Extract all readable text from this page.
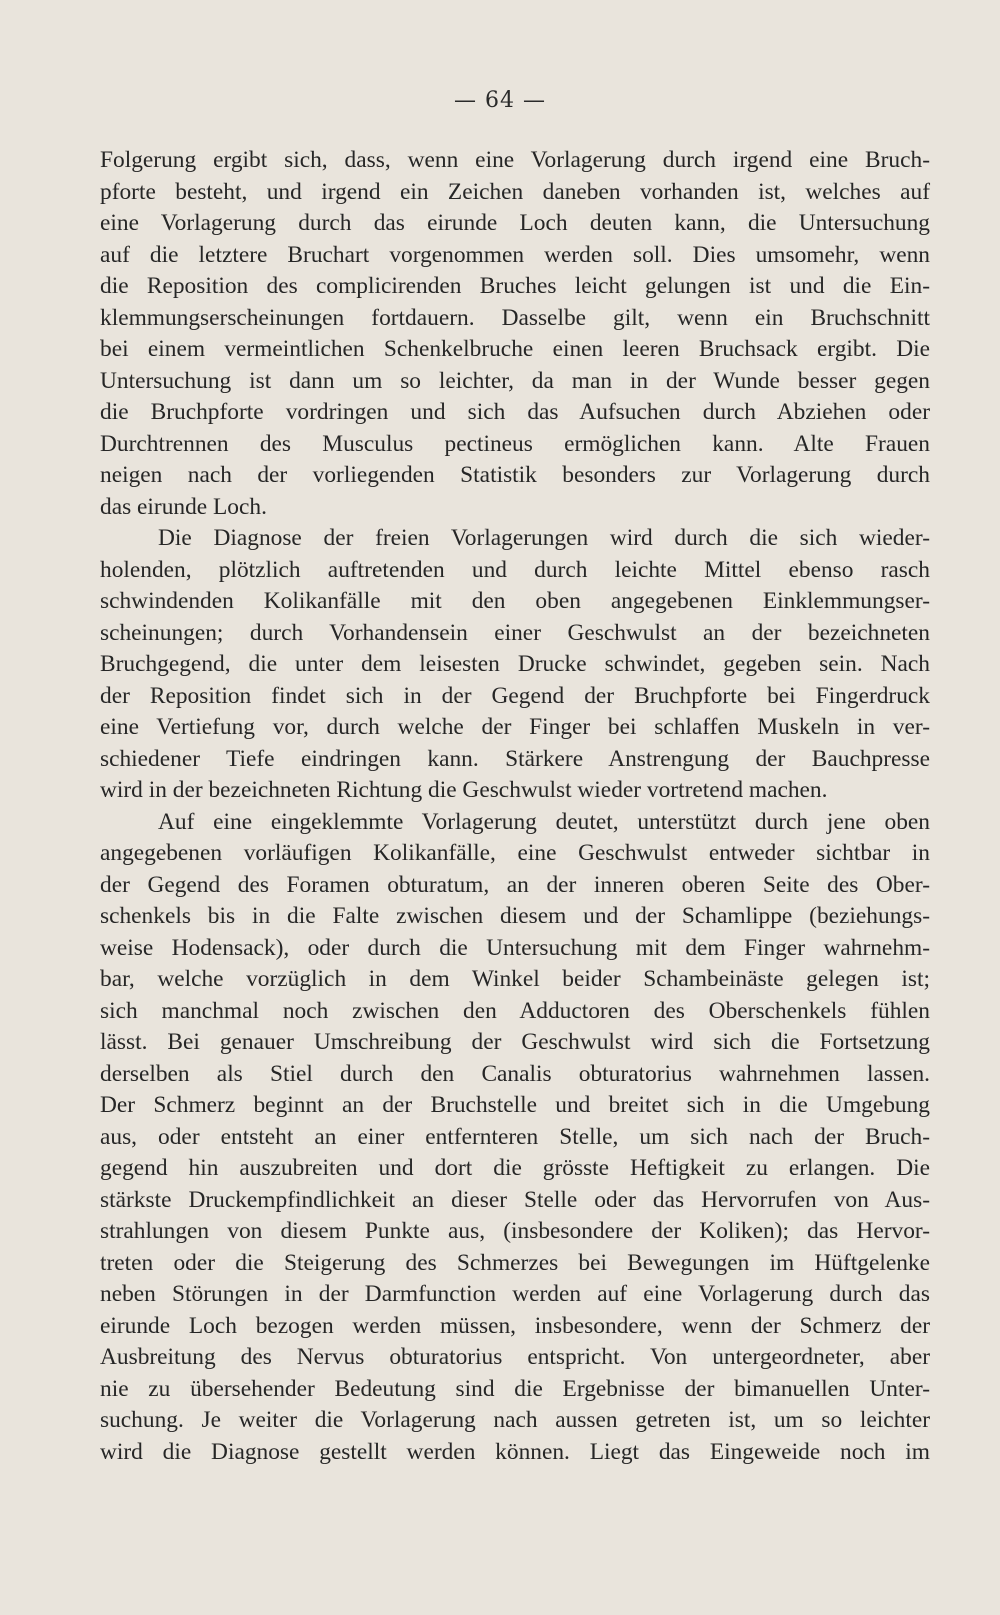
— 64 —
Folgerung ergibt sich, dass, wenn eine Vorlagerung durch irgend eine Bruch-
pforte besteht, und irgend ein Zeichen daneben vorhanden ist, welches auf
eine Vorlagerung durch das eirunde Loch deuten kann, die Untersuchung
auf die letztere Bruchart vorgenommen werden soll. Dies umsomehr, wenn
die Reposition des complicirenden Bruches leicht gelungen ist und die Ein-
klemmungserscheinungen fortdauern. Dasselbe gilt, wenn ein Bruchschnitt
bei einem vermeintlichen Schenkelbruche einen leeren Bruchsack ergibt. Die
Untersuchung ist dann um so leichter, da man in der Wunde besser gegen
die Bruchpforte vordringen und sich das Aufsuchen durch Abziehen oder
Durchtrennen des Musculus pectineus ermöglichen kann. Alte Frauen
neigen nach der vorliegenden Statistik besonders zur Vorlagerung durch
das eirunde Loch.
Die Diagnose der freien Vorlagerungen wird durch die sich wieder-
holenden, plötzlich auftretenden und durch leichte Mittel ebenso rasch
schwindenden Kolikanfälle mit den oben angegebenen Einklemmungser-
scheinungen; durch Vorhandensein einer Geschwulst an der bezeichneten
Bruchgegend, die unter dem leisesten Drucke schwindet, gegeben sein. Nach
der Reposition findet sich in der Gegend der Bruchpforte bei Fingerdruck
eine Vertiefung vor, durch welche der Finger bei schlaffen Muskeln in ver-
schiedener Tiefe eindringen kann. Stärkere Anstrengung der Bauchpresse
wird in der bezeichneten Richtung die Geschwulst wieder vortretend machen.
Auf eine eingeklemmte Vorlagerung deutet, unterstützt durch jene oben
angegebenen vorläufigen Kolikanfälle, eine Geschwulst entweder sichtbar in
der Gegend des Foramen obturatum, an der inneren oberen Seite des Ober-
schenkels bis in die Falte zwischen diesem und der Schamlippe (beziehungs-
weise Hodensack), oder durch die Untersuchung mit dem Finger wahrnehm-
bar, welche vorzüglich in dem Winkel beider Schambeinäste gelegen ist;
sich manchmal noch zwischen den Adductoren des Oberschenkels fühlen
lässt. Bei genauer Umschreibung der Geschwulst wird sich die Fortsetzung
derselben als Stiel durch den Canalis obturatorius wahrnehmen lassen.
Der Schmerz beginnt an der Bruchstelle und breitet sich in die Umgebung
aus, oder entsteht an einer entfernteren Stelle, um sich nach der Bruch-
gegend hin auszubreiten und dort die grösste Heftigkeit zu erlangen. Die
stärkste Druckempfindlichkeit an dieser Stelle oder das Hervorrufen von Aus-
strahlungen von diesem Punkte aus, (insbesondere der Koliken); das Hervor-
treten oder die Steigerung des Schmerzes bei Bewegungen im Hüftgelenke
neben Störungen in der Darmfunction werden auf eine Vorlagerung durch das
eirunde Loch bezogen werden müssen, insbesondere, wenn der Schmerz der
Ausbreitung des Nervus obturatorius entspricht. Von untergeordneter, aber
nie zu übersehender Bedeutung sind die Ergebnisse der bimanuellen Unter-
suchung. Je weiter die Vorlagerung nach aussen getreten ist, um so leichter
wird die Diagnose gestellt werden können. Liegt das Eingeweide noch im
